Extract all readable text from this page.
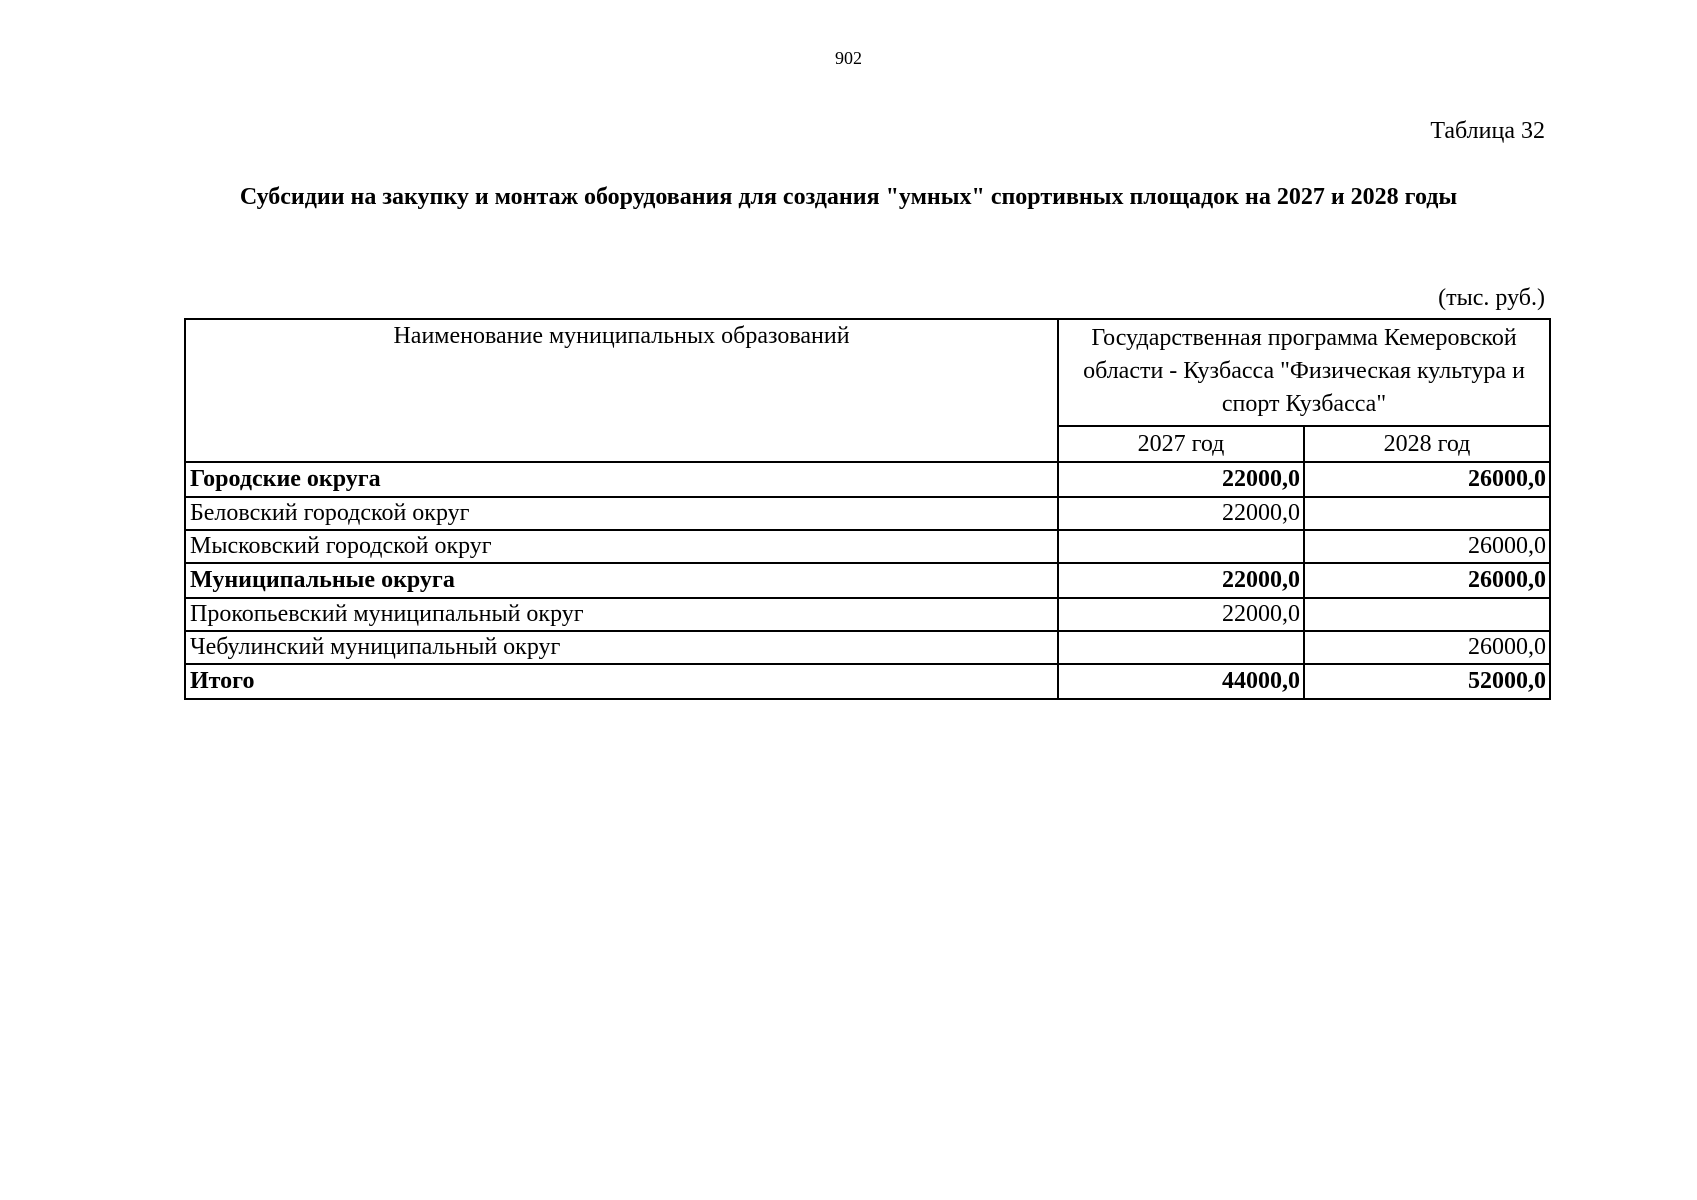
902
Таблица 32
Субсидии на закупку и монтаж оборудования для создания "умных" спортивных площадок на 2027 и 2028 годы
(тыс. руб.)
Наименование муниципальных образований	Государственная программа Кемеровской области - Кузбасса "Физическая культура и спорт Кузбасса"	
	2027 год	2028 год
Городские округа	22000,0	26000,0
Беловский городской округ	22000,0	
Мысковский городской округ		26000,0
Муниципальные округа	22000,0	26000,0
Прокопьевский муниципальный округ	22000,0	
Чебулинский муниципальный округ		26000,0
Итого	44000,0	52000,0
